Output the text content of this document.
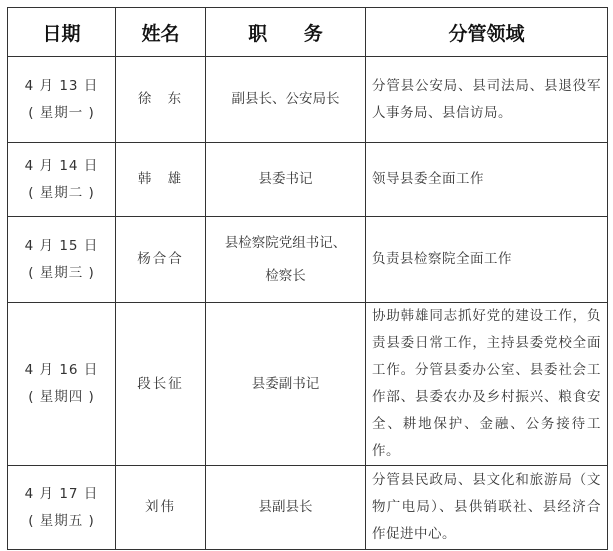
日期	姓名	职 务	分管领域

4 月 13 日
( 星期一 )	徐 东	副县长、公安局长	分管县公安局、县司法局、县退役军人事务局、县信访局。

4 月 14 日
( 星期二 )	韩 雄	县委书记	领导县委全面工作

4 月 15 日
( 星期三 )	杨合合	县检察院党组书记、
检察长	负责县检察院全面工作

4 月 16 日
( 星期四 )	段长征	县委副书记	协助韩雄同志抓好党的建设工作，负责县委日常工作，主持县委党校全面工作。分管县委办公室、县委社会工作部、县委农办及乡村振兴、粮食安全、耕地保护、金融、公务接待工作。

4 月 17 日
( 星期五 )	刘伟	县副县长	分管县民政局、县文化和旅游局（文物广电局）、县供销联社、县经济合作促进中心。
